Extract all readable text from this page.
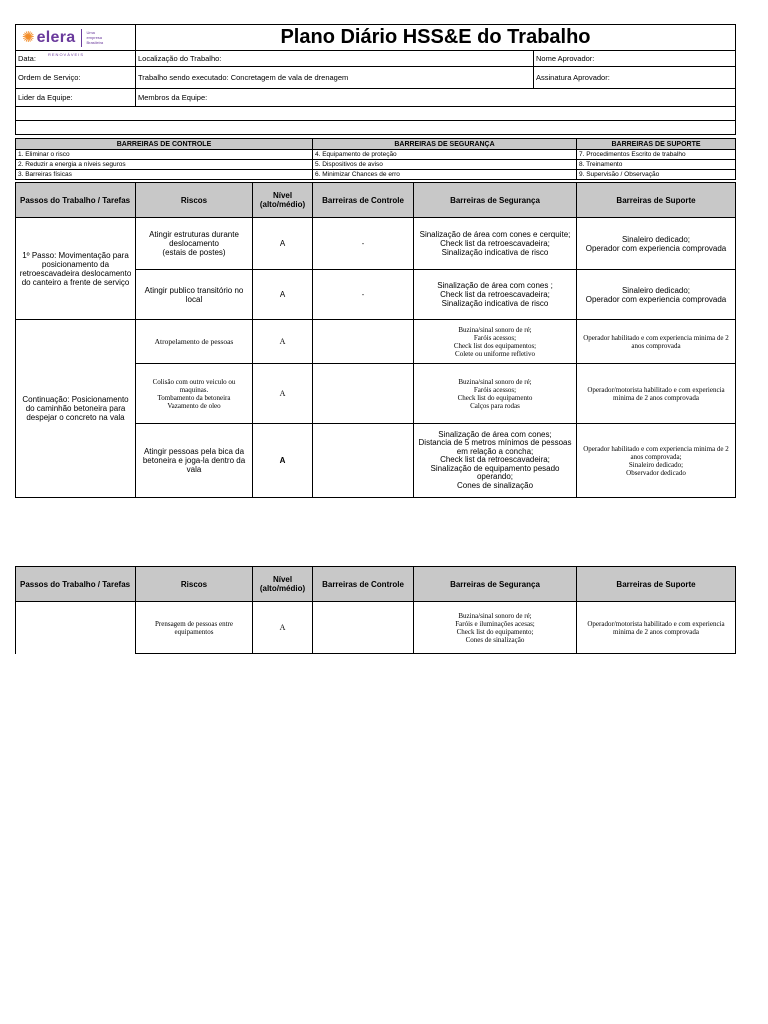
✺ elera	Uma
empresa
Brasileira
RENOVÁVEIS
	Plano Diário HSS&E do Trabalho
Data:	Localização do Trabalho:	Nome Aprovador:
Ordem de Serviço:	Trabalho sendo executado: Concretagem de vala de drenagem	Assinatura Aprovador:
Lider da Equipe:	Membros da Equipe:	

BARREIRAS DE CONTROLE	BARREIRAS DE SEGURANÇA	BARREIRAS DE SUPORTE
1. Eliminar o risco	4. Equipamento de proteção	7. Procedimentos Escrito de trabalho
2. Reduzir a energia a níveis seguros	5. Dispositivos de aviso	8. Treinamento
3. Barreiras físicas	6. Minimizar Chances de erro	9. Supervisão / Observação
Passos do Trabalho / Tarefas	Riscos	Nível (alto/médio)	Barreiras de Controle	Barreiras de Segurança	Barreiras de Suporte
1º Passo: Movimentação para posicionamento da retroescavadeira deslocamento do canteiro a frente de serviço	Atingir estruturas durante deslocamento
(estais de postes)	A	-	Sinalização de área com cones e cerquite;
Check list da retroescavadeira;
Sinalização indicativa de risco	Sinaleiro dedicado;
Operador com experiencia comprovada
	Atingir publico transitório no local	A	-	Sinalização de área com cones ;
Check list da retroescavadeira;
Sinalização indicativa de risco	Sinaleiro dedicado;
Operador com experiencia comprovada
Continuação: Posicionamento do caminhão betoneira para despejar o concreto na vala	Atropelamento de pessoas	A		Buzina/sinal sonoro de ré;
Faróis acessos;
Check list dos equipamentos;
Colete ou uniforme refletivo	Operador habilitado e com experiencia minima de 2 anos comprovada
	Colisão com outro veiculo ou maquinas.
Tombamento da betoneira
Vazamento de oleo	A		Buzina/sinal sonoro de ré;
Faróis acessos;
Check list do equipamento
Calços para rodas	Operador/motorista habilitado e com experiencia minima de 2 anos comprovada
	Atingir pessoas pela bica da betoneira e joga-la dentro da vala	A		Sinalização de área com cones;
Distancia de 5 metros mínimos de pessoas em relação a concha;
Check list da retroescavadeira;
Sinalização de equipamento pesado operando;
Cones de sinalização	Operador habilitado e com experiencia minima de 2 anos comprovada;
Sinaleiro dedicado;
Observador dedicado
Passos do Trabalho / Tarefas	Riscos	Nível (alto/médio)	Barreiras de Controle	Barreiras de Segurança	Barreiras de Suporte
	Prensagem de pessoas entre equipamentos	A		Buzina/sinal sonoro de ré;
Faróis e iluminações acesas;
Check list do equipamento;
Cones de sinalização	Operador/motorista habilitado e com experiencia minima de 2 anos comprovada
